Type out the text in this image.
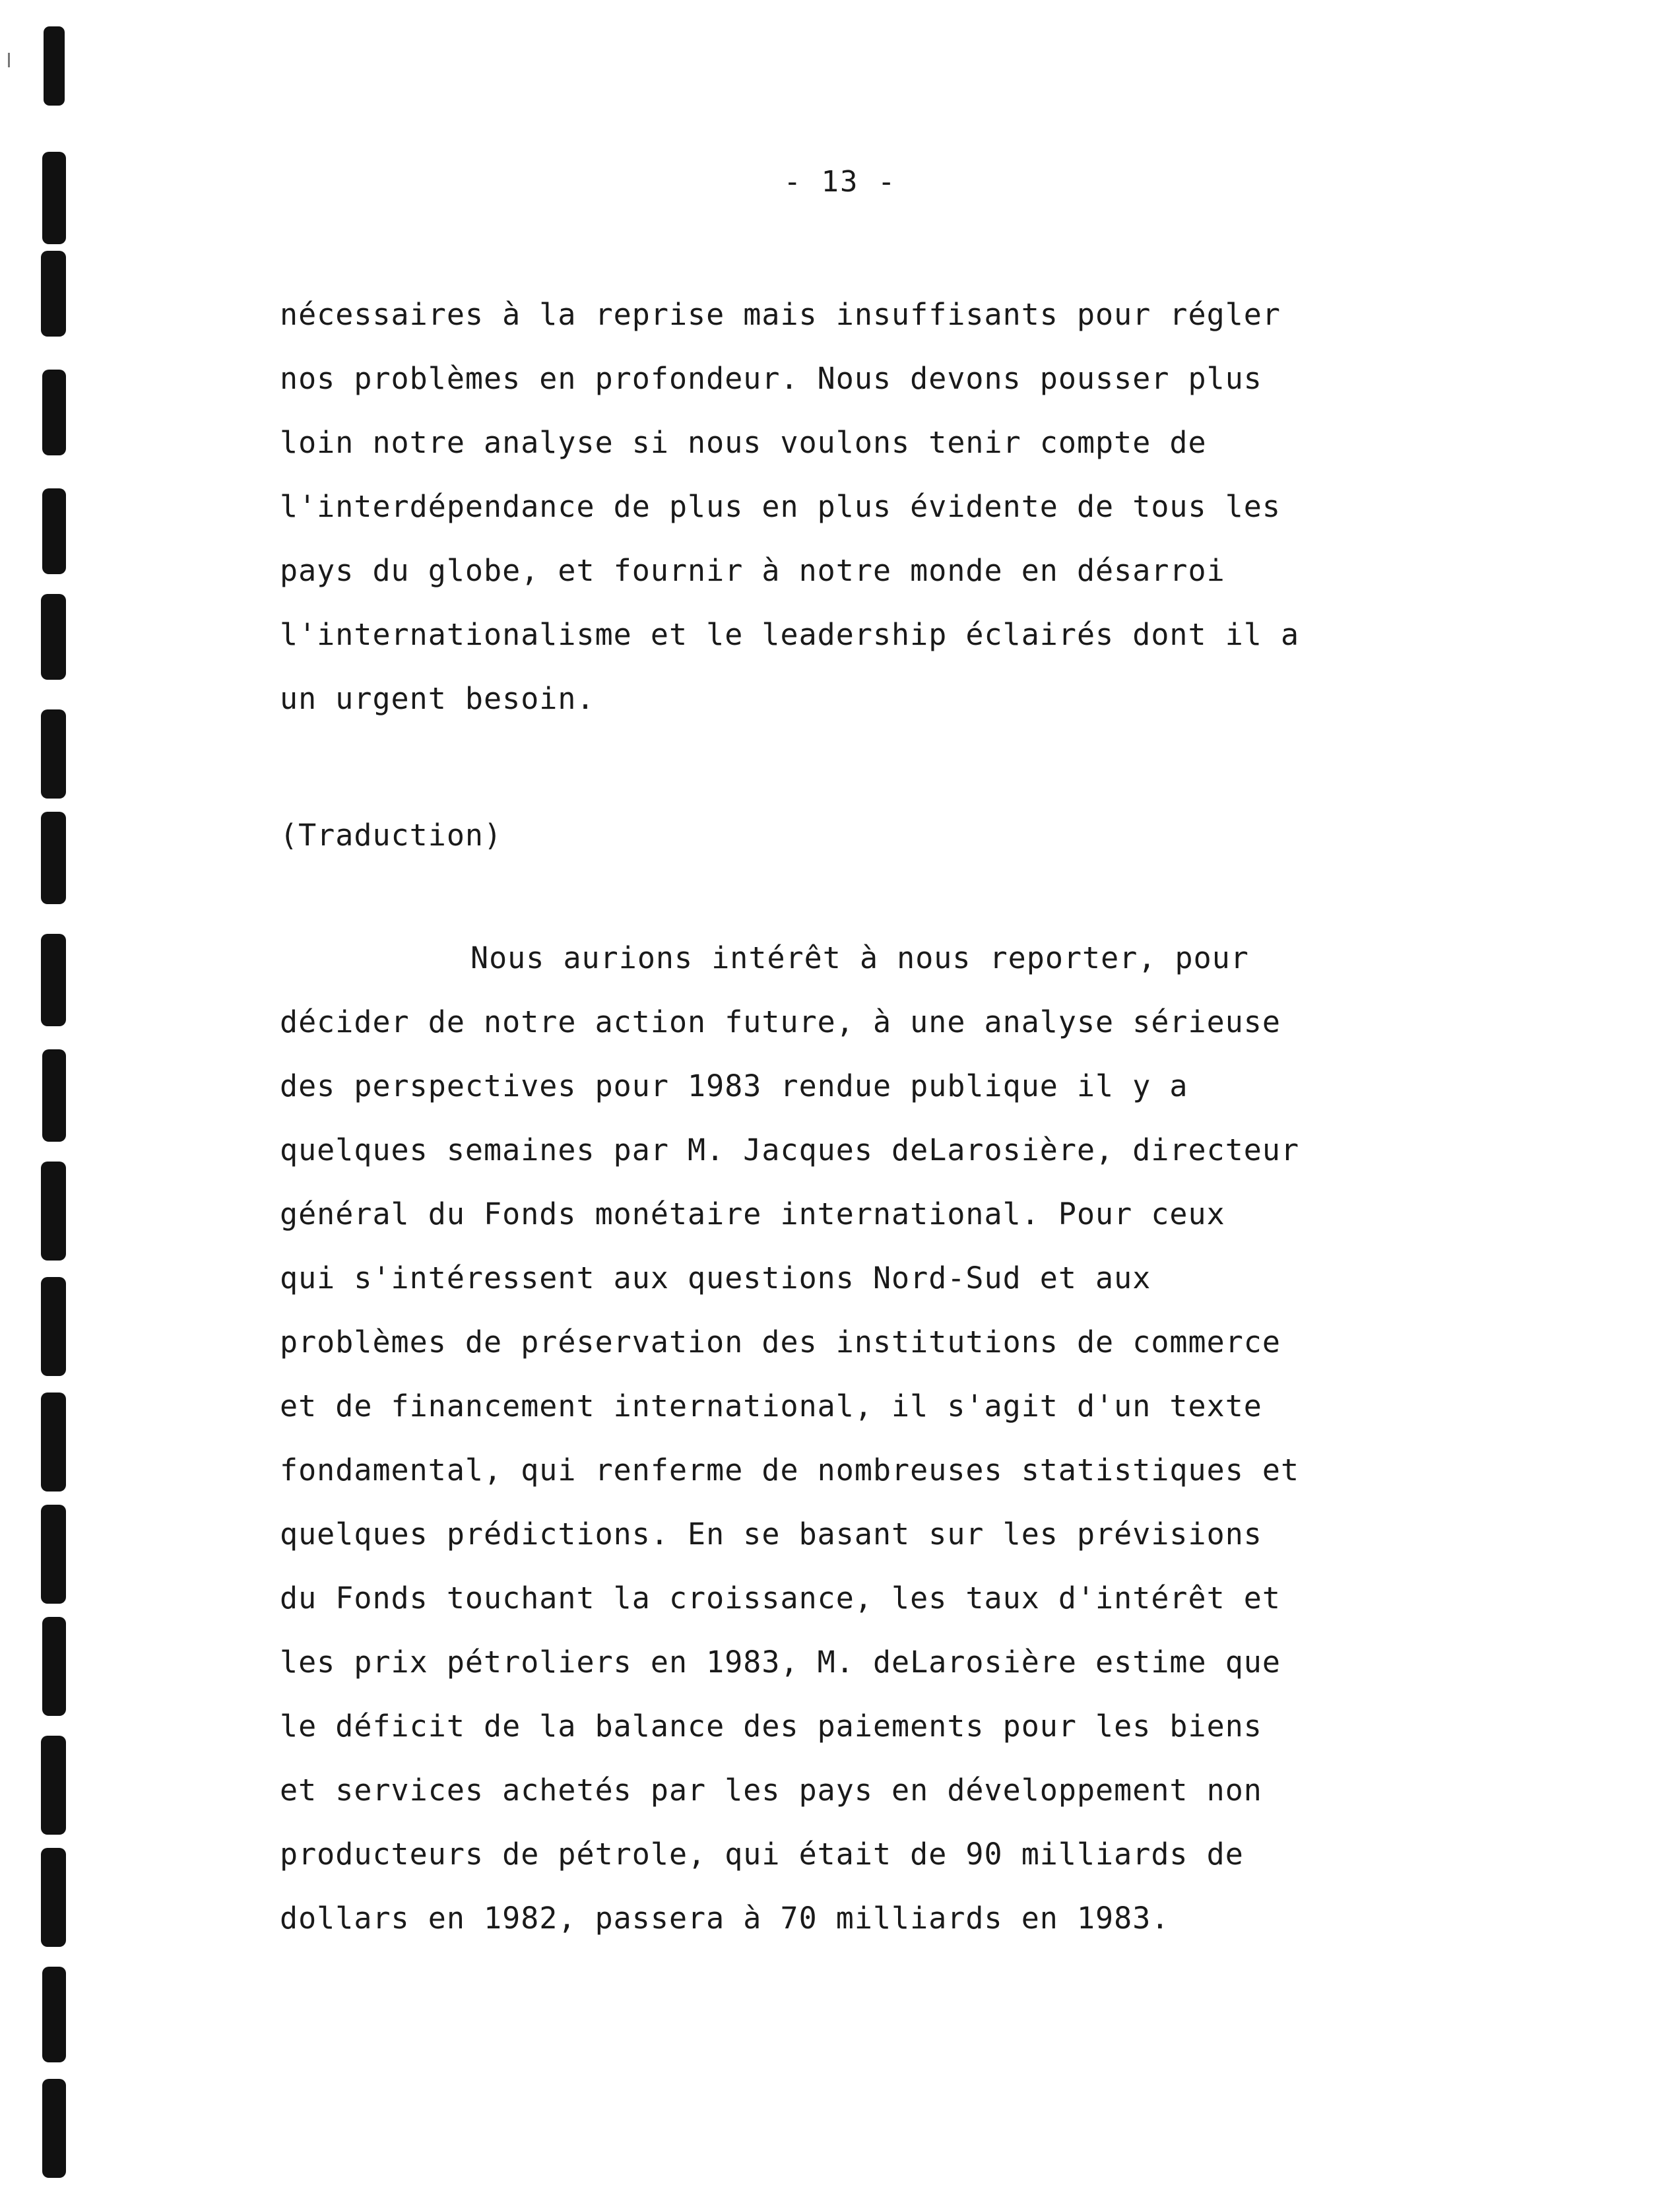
- 13 -
nécessaires à la reprise mais insuffisants pour régler
nos problèmes en profondeur. Nous devons pousser plus
loin notre analyse si nous voulons tenir compte de
l'interdépendance de plus en plus évidente de tous les
pays du globe, et fournir à notre monde en désarroi
l'internationalisme et le leadership éclairés dont il a
un urgent besoin.
(Traduction)
Nous aurions intérêt à nous reporter, pour
décider de notre action future, à une analyse sérieuse
des perspectives pour 1983 rendue publique il y a
quelques semaines par M. Jacques deLarosière, directeur
général du Fonds monétaire international. Pour ceux
qui s'intéressent aux questions Nord-Sud et aux
problèmes de préservation des institutions de commerce
et de financement international, il s'agit d'un texte
fondamental, qui renferme de nombreuses statistiques et
quelques prédictions. En se basant sur les prévisions
du Fonds touchant la croissance, les taux d'intérêt et
les prix pétroliers en 1983, M. deLarosière estime que
le déficit de la balance des paiements pour les biens
et services achetés par les pays en développement non
producteurs de pétrole, qui était de 90 milliards de
dollars en 1982, passera à 70 milliards en 1983.
